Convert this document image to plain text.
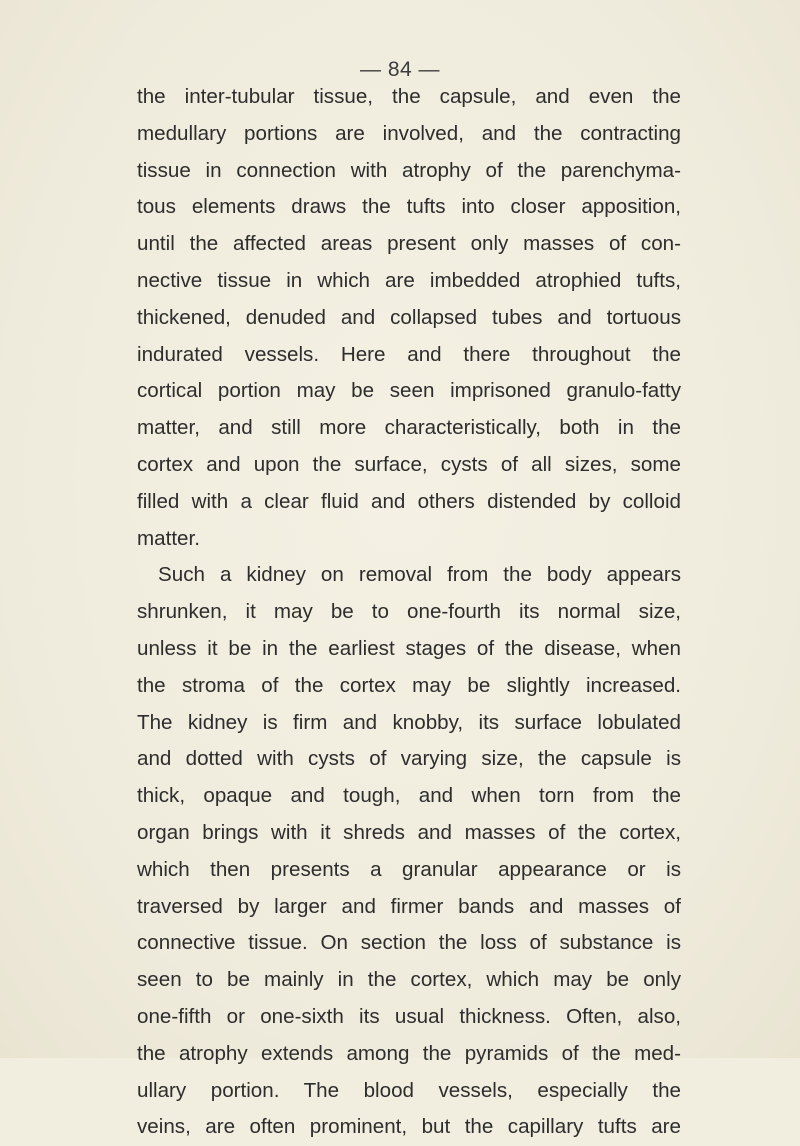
— 84 —
the inter-tubular tissue, the capsule, and even the
medullary portions are involved, and the contracting
tissue in connection with atrophy of the parenchyma-
tous elements draws the tufts into closer apposition,
until the affected areas present only masses of con-
nective tissue in which are imbedded atrophied tufts,
thickened, denuded and collapsed tubes and tortuous
indurated vessels. Here and there throughout the
cortical portion may be seen imprisoned granulo-fatty
matter, and still more characteristically, both in the
cortex and upon the surface, cysts of all sizes, some
filled with a clear fluid and others distended by colloid
matter.
Such a kidney on removal from the body appears
shrunken, it may be to one-fourth its normal size,
unless it be in the earliest stages of the disease, when
the stroma of the cortex may be slightly increased.
The kidney is firm and knobby, its surface lobulated
and dotted with cysts of varying size, the capsule is
thick, opaque and tough, and when torn from the
organ brings with it shreds and masses of the cortex,
which then presents a granular appearance or is
traversed by larger and firmer bands and masses of
connective tissue. On section the loss of substance is
seen to be mainly in the cortex, which may be only
one-fifth or one-sixth its usual thickness. Often, also,
the atrophy extends among the pyramids of the med-
ullary portion. The blood vessels, especially the
veins, are often prominent, but the capillary tufts are
